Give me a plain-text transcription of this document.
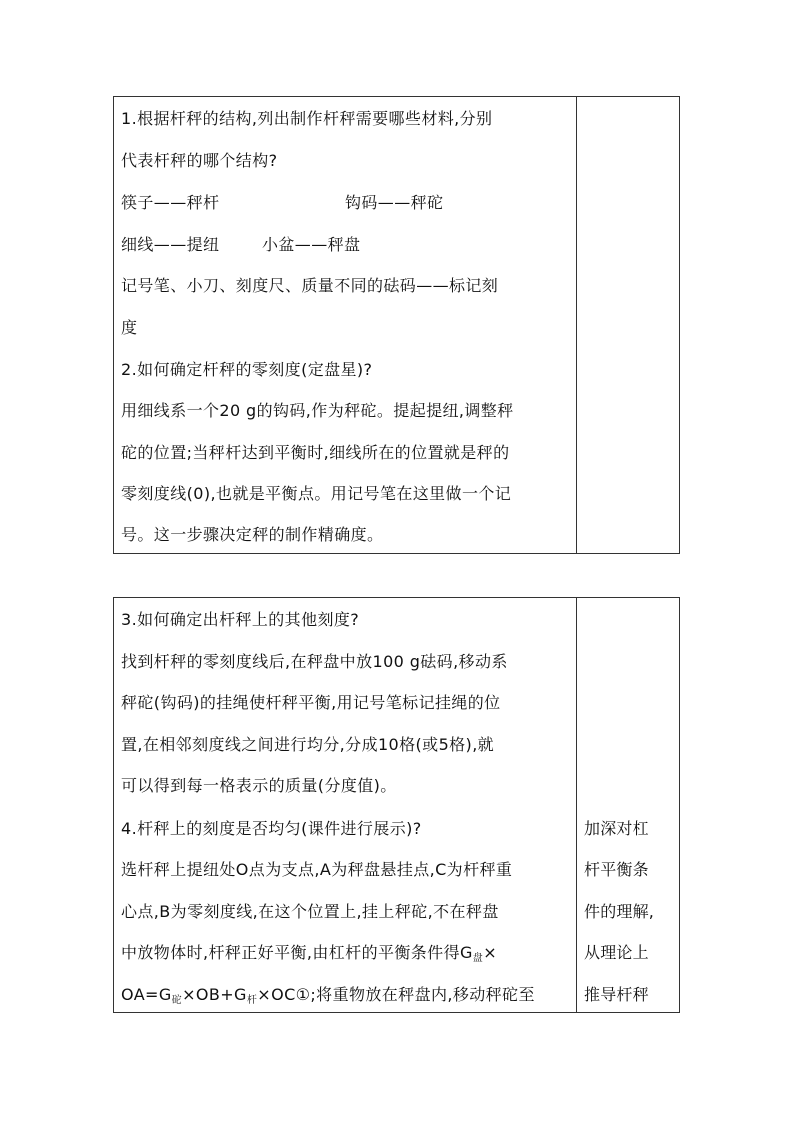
1.根据杆秤的结构,列出制作杆秤需要哪些材料,分别
代表杆秤的哪个结构?
筷子——秤杆	钩码——秤砣
细线——提纽	小盆——秤盘
记号笔、小刀、刻度尺、质量不同的砝码——标记刻
度
2.如何确定杆秤的零刻度(定盘星)?
用细线系一个20 g的钩码,作为秤砣。提起提纽,调整秤
砣的位置;当秤杆达到平衡时,细线所在的位置就是秤的
零刻度线(0),也就是平衡点。用记号笔在这里做一个记
号。这一步骤决定秤的制作精确度。
3.如何确定出杆秤上的其他刻度?
找到杆秤的零刻度线后,在秤盘中放100 g砝码,移动系
秤砣(钩码)的挂绳使杆秤平衡,用记号笔标记挂绳的位
置,在相邻刻度线之间进行均分,分成10格(或5格),就
可以得到每一格表示的质量(分度值)。
4.杆秤上的刻度是否均匀(课件进行展示)?
选杆秤上提纽处O点为支点,A为秤盘悬挂点,C为杆秤重
心点,B为零刻度线,在这个位置上,挂上秤砣,不在秤盘
中放物体时,杆秤正好平衡,由杠杆的平衡条件得$G_盘\times$
$OA=G_砣\times OB+G_杆\times OC①$;将重物放在秤盘内,移动秤砣至
加深对杠
杆平衡条
件的理解,
从理论上
推导杆秤
